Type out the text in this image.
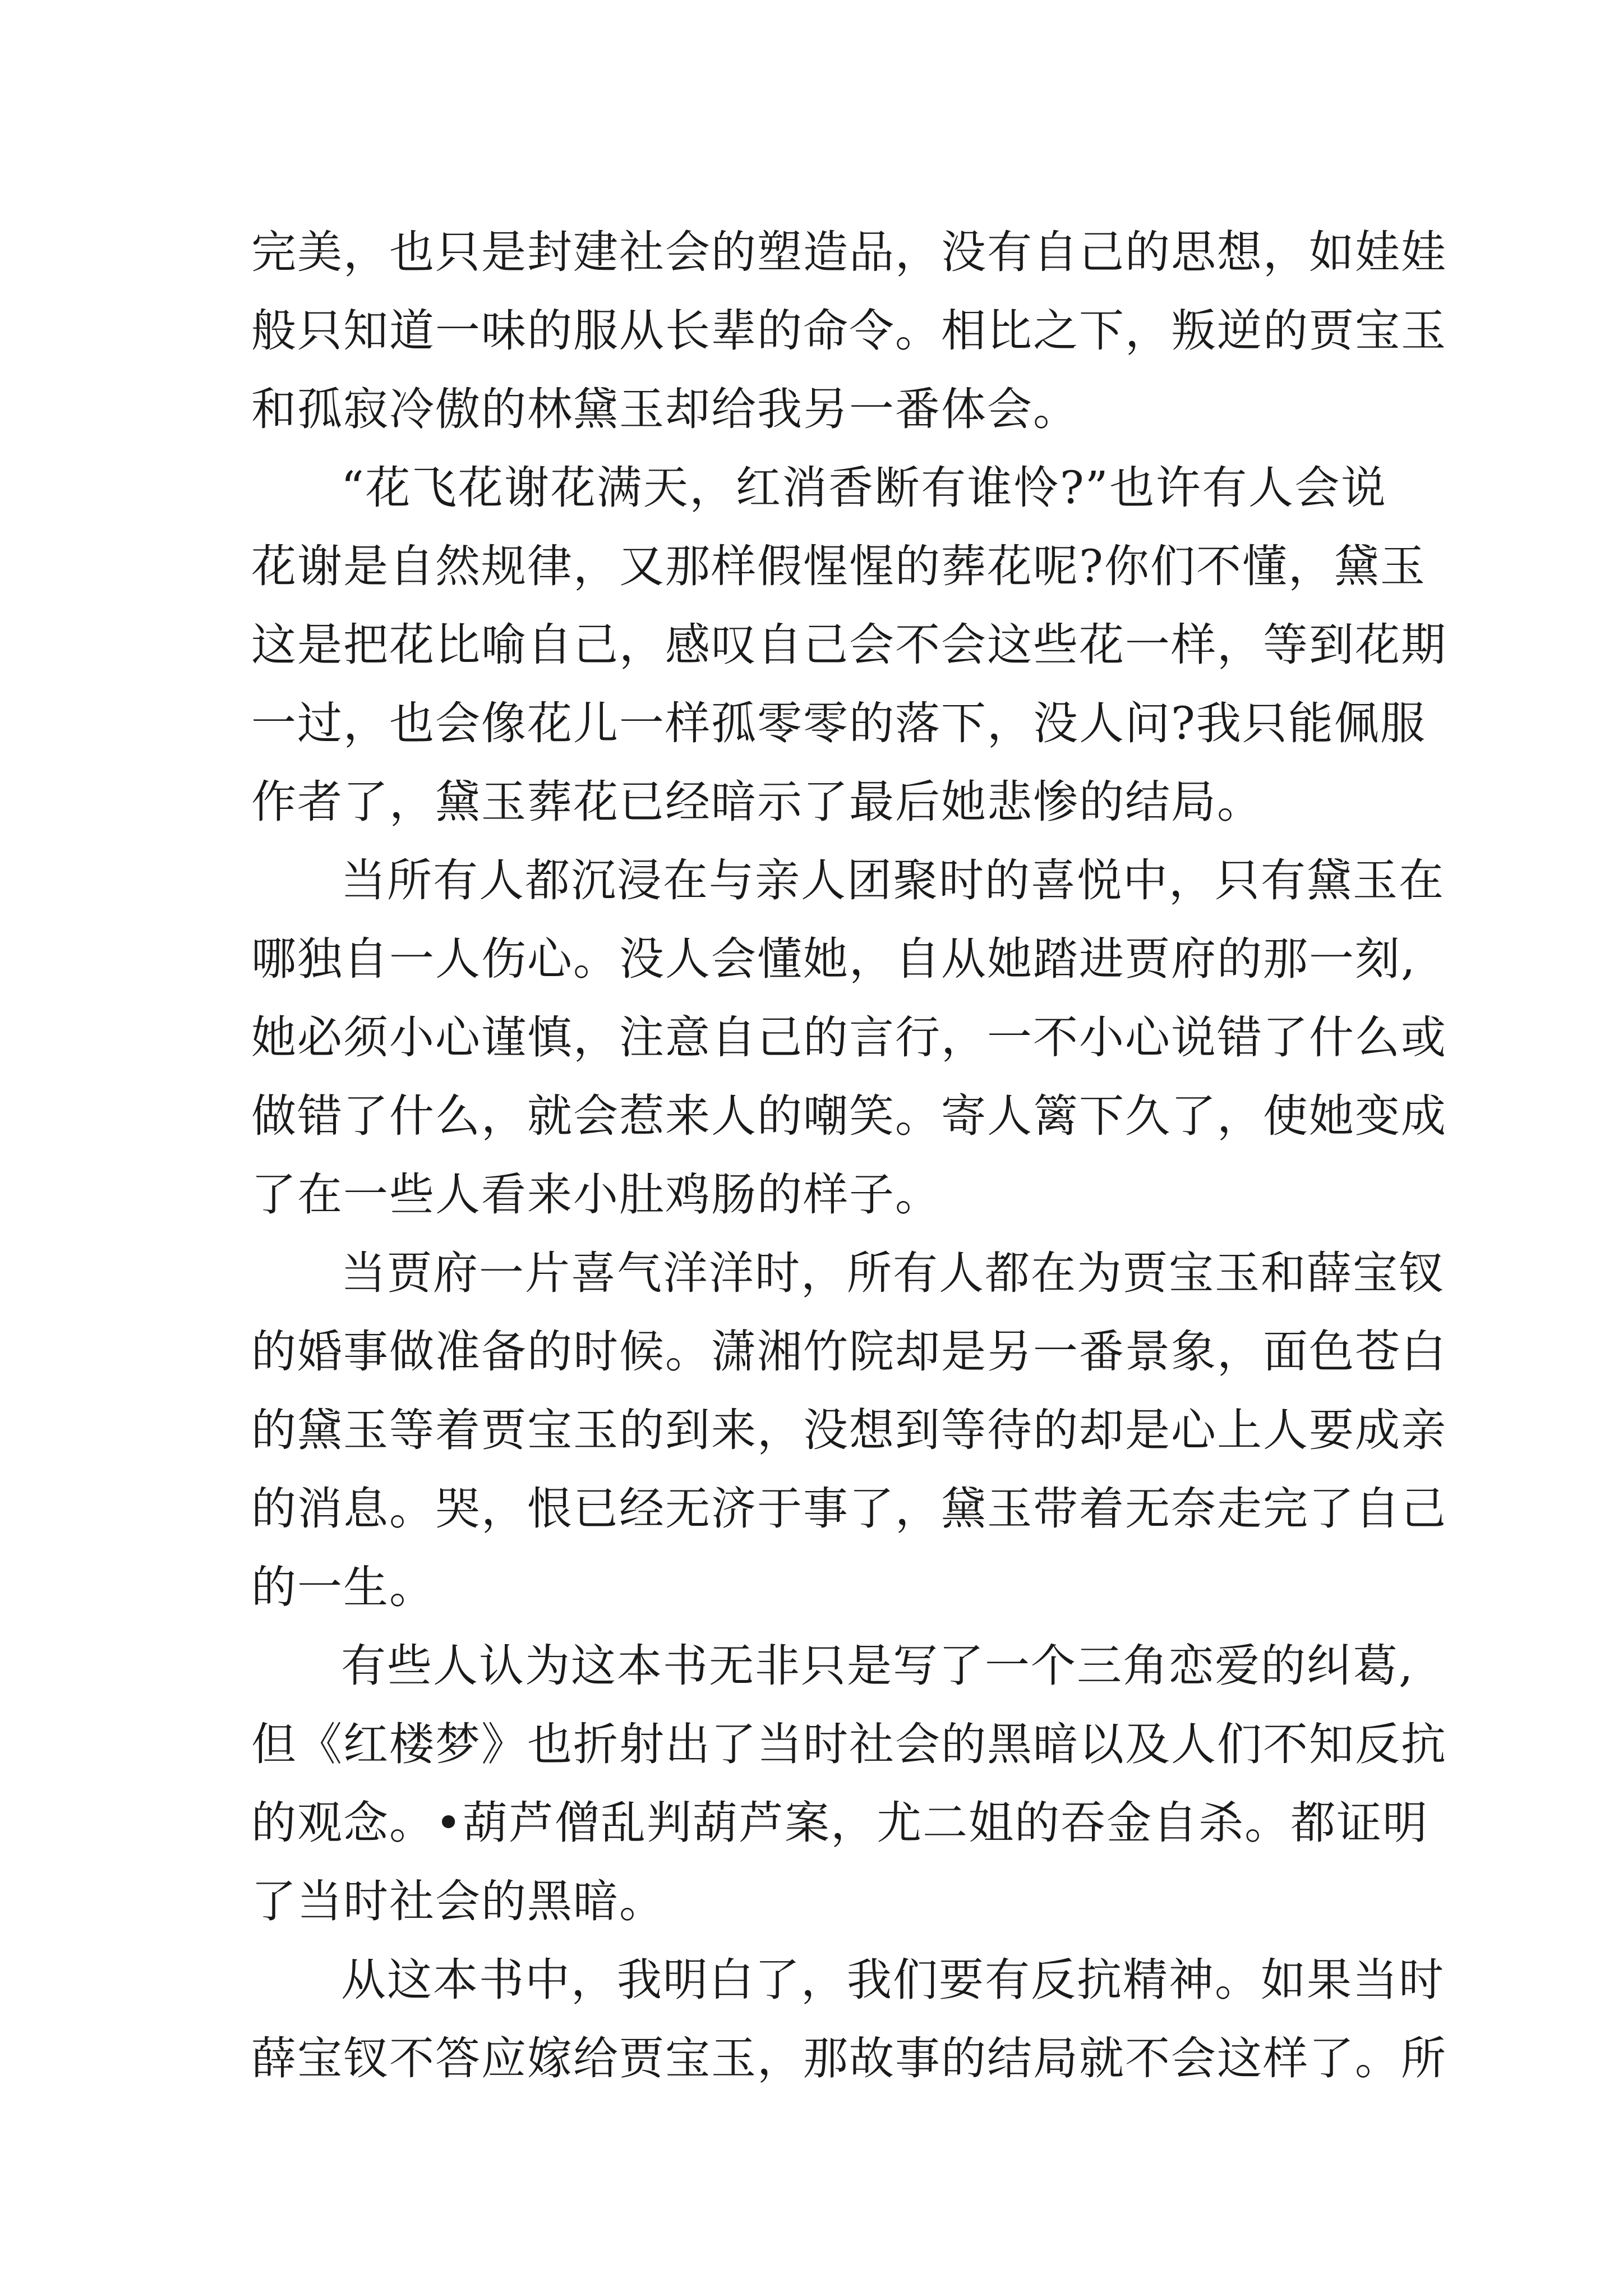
完美，也只是封建社会的塑造品，没有自己的思想，如娃娃
般只知道一味的服从长辈的命令。相比之下，叛逆的贾宝玉
和孤寂冷傲的林黛玉却给我另一番体会。
“花飞花谢花满天，红消香断有谁怜?”也许有人会说
花谢是自然规律，又那样假惺惺的葬花呢?你们不懂，黛玉
这是把花比喻自己，感叹自己会不会这些花一样，等到花期
一过，也会像花儿一样孤零零的落下，没人问?我只能佩服
作者了，黛玉葬花已经暗示了最后她悲惨的结局。
当所有人都沉浸在与亲人团聚时的喜悦中，只有黛玉在
哪独自一人伤心。没人会懂她，自从她踏进贾府的那一刻,
她必须小心谨慎，注意自己的言行，一不小心说错了什么或
做错了什么，就会惹来人的嘲笑。寄人篱下久了，使她变成
了在一些人看来小肚鸡肠的样子。
当贾府一片喜气洋洋时，所有人都在为贾宝玉和薛宝钗
的婚事做准备的时候。潇湘竹院却是另一番景象，面色苍白
的黛玉等着贾宝玉的到来，没想到等待的却是心上人要成亲
的消息。哭，恨已经无济于事了，黛玉带着无奈走完了自己
的一生。
有些人认为这本书无非只是写了一个三角恋爱的纠葛,
但《红楼梦》也折射出了当时社会的黑暗以及人们不知反抗
的观念。•葫芦僧乱判葫芦案，尤二姐的吞金自杀。都证明
了当时社会的黑暗。
从这本书中，我明白了，我们要有反抗精神。如果当时
薛宝钗不答应嫁给贾宝玉，那故事的结局就不会这样了。所
